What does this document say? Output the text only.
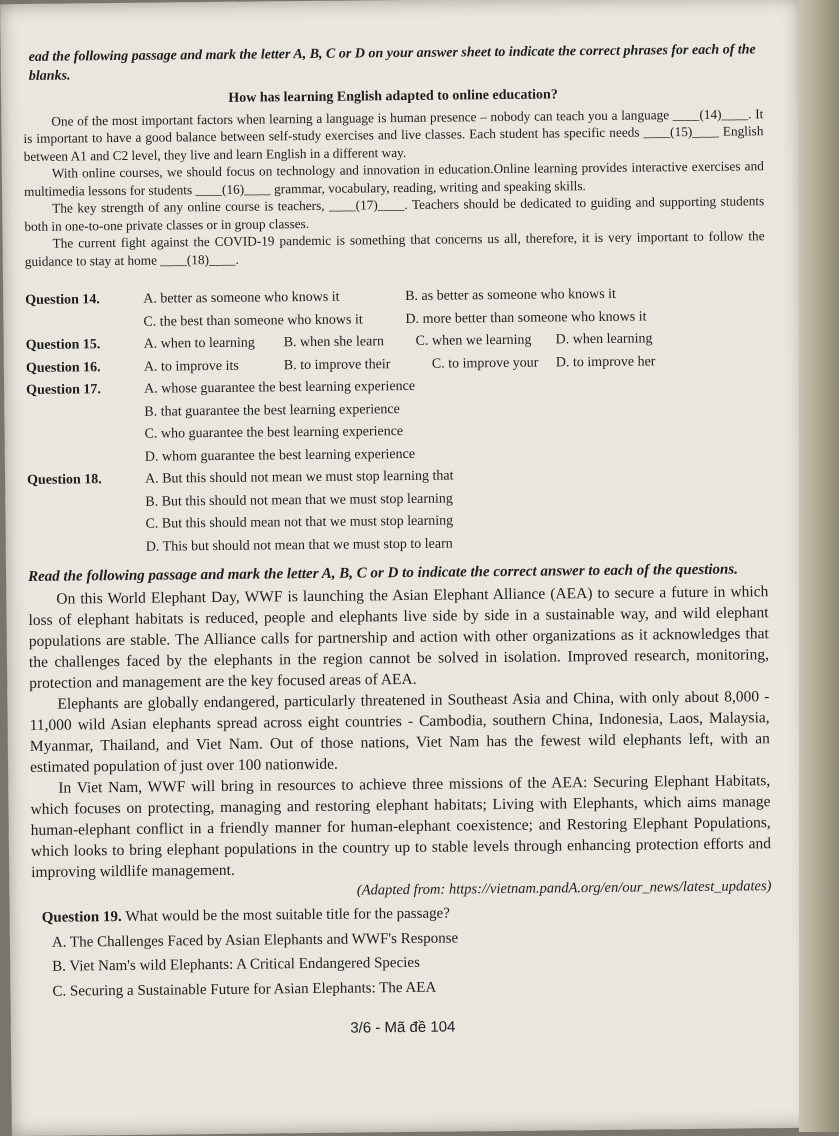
ead the following passage and mark the letter A, B, C or D on your answer sheet to indicate the correct phrases for each of the blanks.
How has learning English adapted to online education?

One of the most important factors when learning a language is human presence – nobody can teach you a language ____(14)____. It is important to have a good balance between self-study exercises and live classes. Each student has specific needs ____(15)____ English between A1 and C2 level, they live and learn English in a different way.

With online courses, we should focus on technology and innovation in education.Online learning provides interactive exercises and multimedia lessons for students ____(16)____ grammar, vocabulary, reading, writing and speaking skills.

The key strength of any online course is teachers, ____(17)____. Teachers should be dedicated to guiding and supporting students both in one-to-one private classes or in group classes.

The current fight against the COVID-19 pandemic is something that concerns us all, therefore, it is very important to follow the guidance to stay at home ____(18)____.

Question 14.	A. better as someone who knows it	B. as better as someone who knows it
C. the best than someone who knows it	D. more better than someone who knows it
Question 15.	A. when to learning	B. when she learn	C. when we learning	D. when learning
Question 16.	A. to improve its	B. to improve their	C. to improve your	D. to improve her
Question 17.	A. whose guarantee the best learning experience
B. that guarantee the best learning experience
C. who guarantee the best learning experience
D. whom guarantee the best learning experience
Question 18.	A. But this should not mean we must stop learning that
B. But this should not mean that we must stop learning
C. But this should mean not that we must stop learning
D. This but should not mean that we must stop to learn
Read the following passage and mark the letter A, B, C or D to indicate the correct answer to each of the questions.

On this World Elephant Day, WWF is launching the Asian Elephant Alliance (AEA) to secure a future in which loss of elephant habitats is reduced, people and elephants live side by side in a sustainable way, and wild elephant populations are stable. The Alliance calls for partnership and action with other organizations as it acknowledges that the challenges faced by the elephants in the region cannot be solved in isolation. Improved research, monitoring, protection and management are the key focused areas of AEA.

Elephants are globally endangered, particularly threatened in Southeast Asia and China, with only about 8,000 - 11,000 wild Asian elephants spread across eight countries - Cambodia, southern China, Indonesia, Laos, Malaysia, Myanmar, Thailand, and Viet Nam. Out of those nations, Viet Nam has the fewest wild elephants left, with an estimated population of just over 100 nationwide.

In Viet Nam, WWF will bring in resources to achieve three missions of the AEA: Securing Elephant Habitats, which focuses on protecting, managing and restoring elephant habitats; Living with Elephants, which aims manage human-elephant conflict in a friendly manner for human-elephant coexistence; and Restoring Elephant Populations, which looks to bring elephant populations in the country up to stable levels through enhancing protection efforts and improving wildlife management.

(Adapted from: https://vietnam.pandA.org/en/our_news/latest_updates)
Question 19. What would be the most suitable title for the passage?
A. The Challenges Faced by Asian Elephants and WWF's Response
B. Viet Nam's wild Elephants: A Critical Endangered Species
C. Securing a Sustainable Future for Asian Elephants: The AEA
3/6 - Mã đề 104
